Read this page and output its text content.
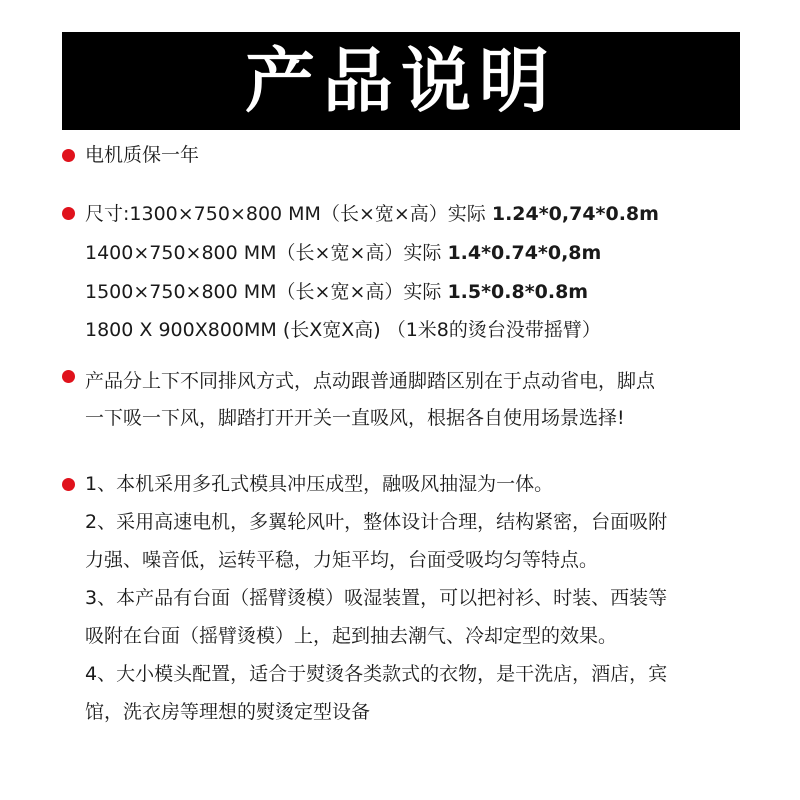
产品说明
电机质保一年
尺寸:1300×750×800 MM（长×宽×高）实际 1.24*0,74*0.8m
1400×750×800 MM（长×宽×高）实际 1.4*0.74*0,8m
1500×750×800 MM（长×宽×高）实际 1.5*0.8*0.8m
1800 X 900X800MM (长X宽X高) （1米8的烫台没带摇臂）
产品分上下不同排风方式，点动跟普通脚踏区别在于点动省电，脚点
一下吸一下风，脚踏打开开关一直吸风，根据各自使用场景选择!
1、本机采用多孔式模具冲压成型，融吸风抽湿为一体。
2、采用高速电机，多翼轮风叶，整体设计合理，结构紧密，台面吸附
力强、噪音低，运转平稳，力矩平均，台面受吸均匀等特点。
3、本产品有台面（摇臂烫模）吸湿装置，可以把衬衫、时装、西装等
吸附在台面（摇臂烫模）上，起到抽去潮气、冷却定型的效果。
4、大小模头配置，适合于熨烫各类款式的衣物，是干洗店，酒店，宾
馆，洗衣房等理想的熨烫定型设备
